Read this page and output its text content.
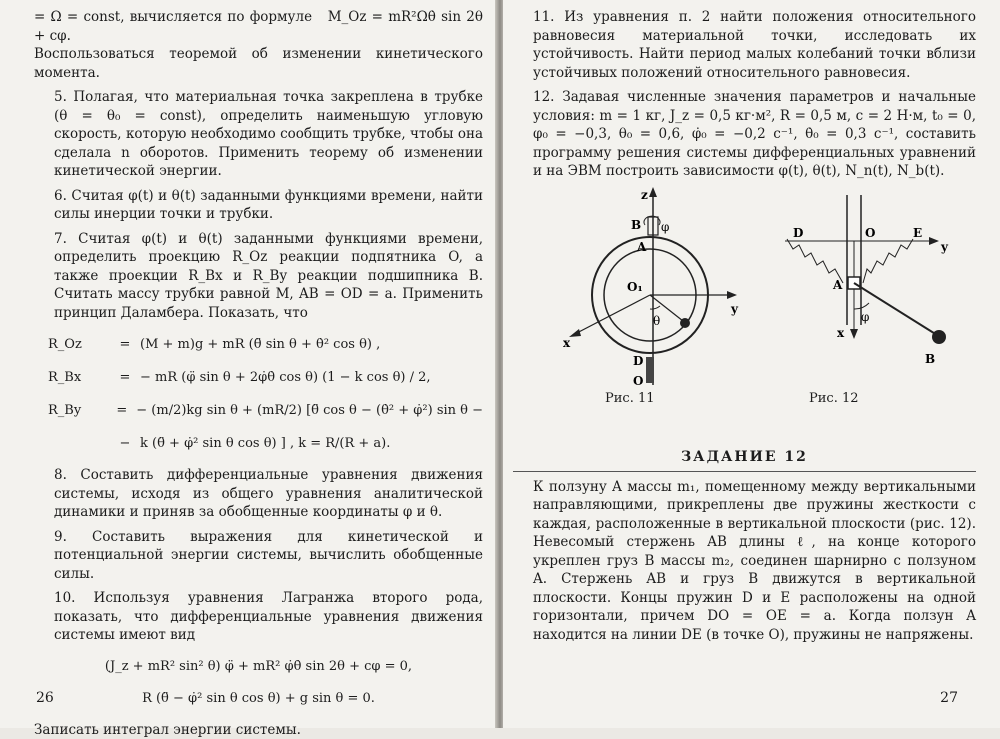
= Ω = const, вычисляется по формуле M_Oz = mR²Ωθ̇ sin 2θ + cφ.

Воспользоваться теоремой об изменении кинетического момента.

5. Полагая, что материальная точка закреплена в трубке (θ = θ₀ = const), определить наименьшую угловую скорость, которую необходимо сообщить трубке, чтобы она сделала n оборотов. Применить теорему об изменении кинетической энергии.

6. Считая φ(t) и θ(t) заданными функциями времени, найти силы инерции точки и трубки.

7. Считая φ(t) и θ(t) заданными функциями времени, определить проекцию R_Oz реакции подпятника O, а также проекции R_Bx и R_By реакции подшипника B. Считать массу трубки равной M, AB = OD = a. Применить принцип Даламбера. Показать, что

R_Oz	= (M + m)g + mR (θ̈ sin θ + θ̇² cos θ) ,
R_Bx	= − mR (φ̈ sin θ + 2φ̇θ̇ cos θ) (1 − k cos θ) / 2,
R_By	= − (m/2)kg sin θ + (mR/2) [θ̈ cos θ − (θ̇² + φ̇²) sin θ −
− k (θ̈ + φ̇² sin θ cos θ) ] , k = R/(R + a).

8. Составить дифференциальные уравнения движения системы, исходя из общего уравнения аналитической динамики и приняв за обобщенные координаты φ и θ.

9. Составить выражения для кинетической и потенциальной энергии системы, вычислить обобщенные силы.

10. Используя уравнения Лагранжа второго рода, показать, что дифференциальные уравнения движения системы имеют вид

(J_z + mR² sin² θ) φ̈ + mR² φ̇θ̇ sin 2θ + cφ = 0,
R (θ̈ − φ̇² sin θ cos θ) + g sin θ = 0.

Записать интеграл энергии системы.

26

11. Из уравнения п. 2 найти положения относительного равновесия материальной точки, исследовать их устойчивость. Найти период малых колебаний точки вблизи устойчивых положений относительного равновесия.

12. Задавая численные значения параметров и начальные условия: m = 1 кг, J_z = 0,5 кг·м², R = 0,5 м, c = 2 Н·м, t₀ = 0, φ₀ = −0,3, θ₀ = 0,6, φ̇₀ = −0,2 c⁻¹, θ̇₀ = 0,3 c⁻¹, составить программу решения системы дифференциальных уравнений и на ЭВМ построить зависимости φ(t), θ(t), N_n(t), N_b(t).

z
B φ
A
O₁
y
θ
x
D
O
Рис. 11
D	O	E
y
A
x
φ
B
Рис. 12
ЗАДАНИЕ 12

К ползуну A массы m₁, помещенному между вертикальными направляющими, прикреплены две пружины жесткости c каждая, расположенные в вертикальной плоскости (рис. 12). Невесомый стержень AB длины ℓ, на конце которого укреплен груз B массы m₂, соединен шарнирно с ползуном A. Стержень AB и груз B движутся в вертикальной плоскости. Концы пружин D и E расположены на одной горизонтали, причем DO = OE = a. Когда ползун A находится на линии DE (в точке O), пружины не напряжены.

27
